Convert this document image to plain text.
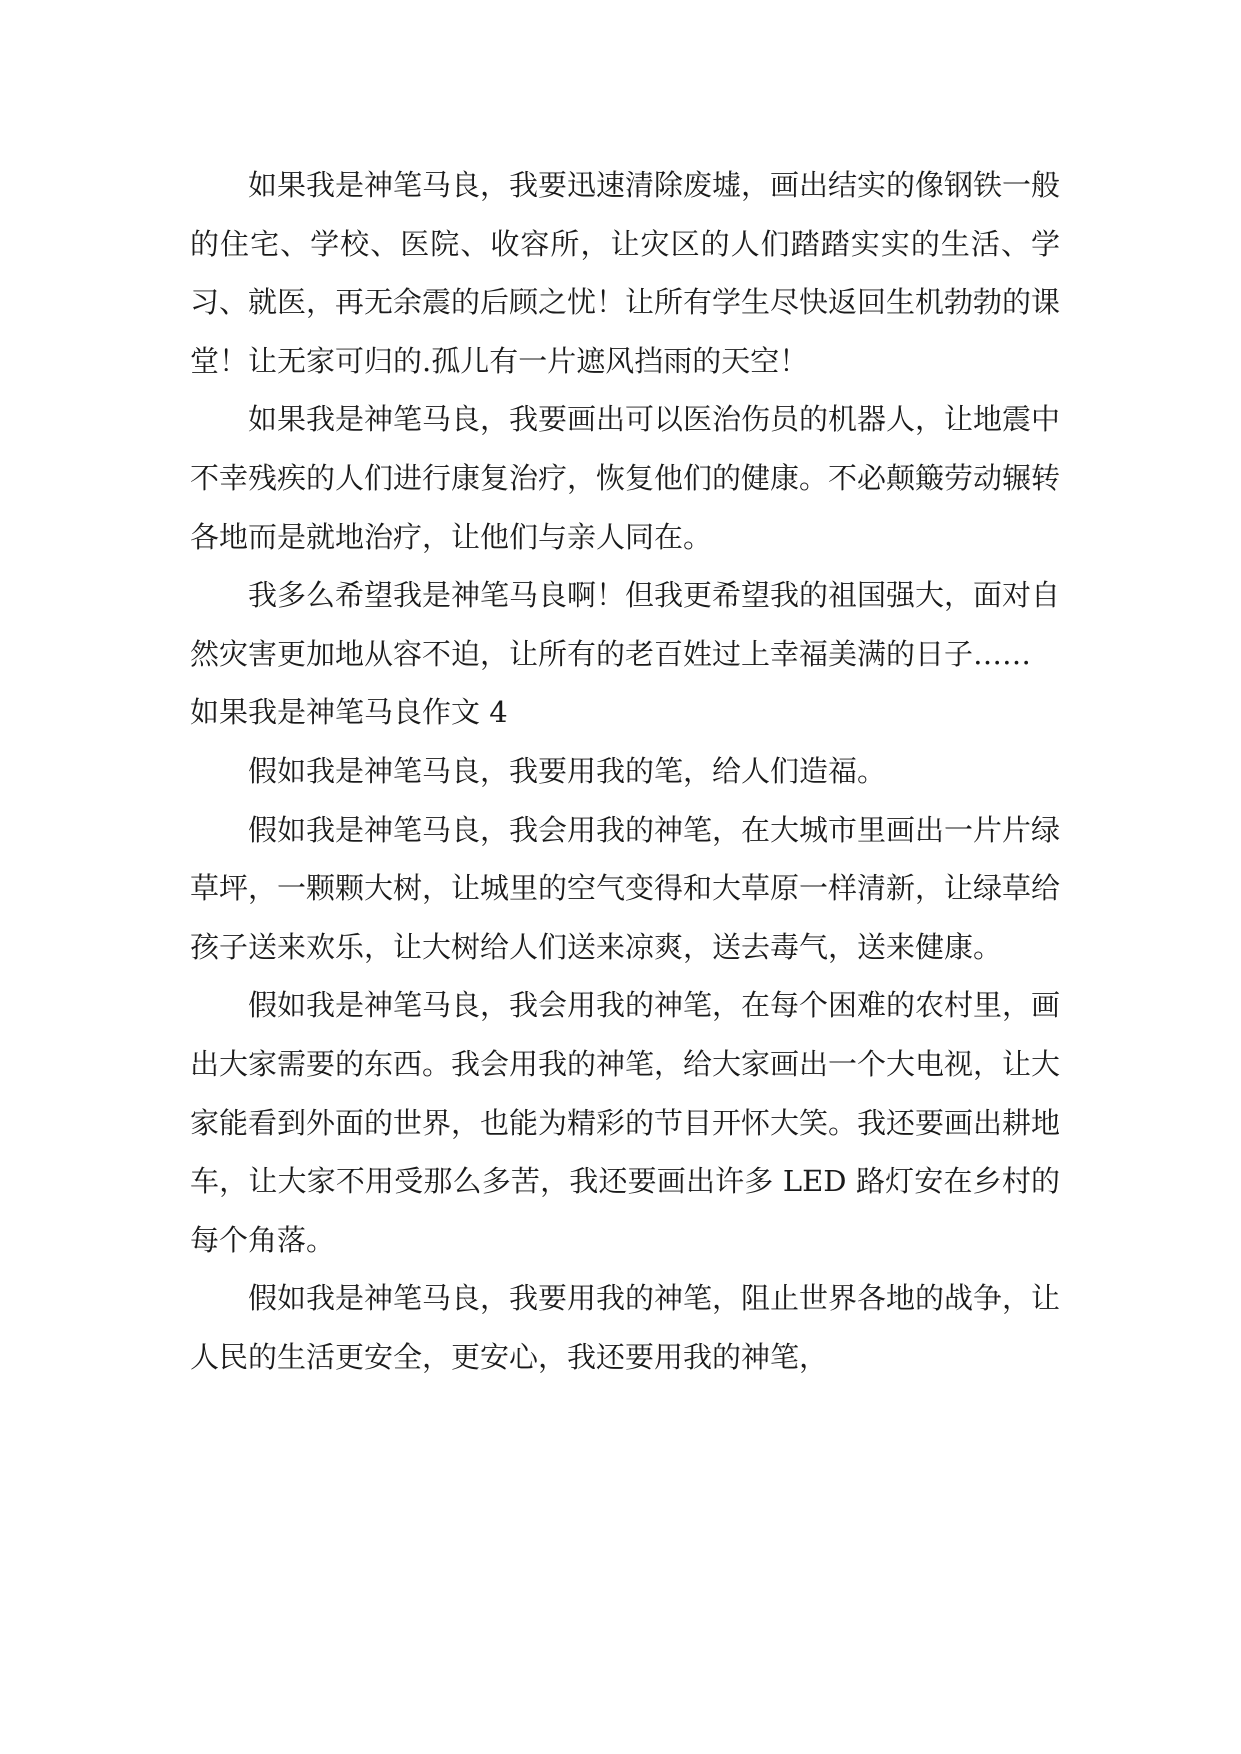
如果我是神笔马良，我要迅速清除废墟，画出结实的像钢铁一般的住宅、学校、医院、收容所，让灾区的人们踏踏实实的生活、学习、就医，再无余震的后顾之忧！让所有学生尽快返回生机勃勃的课堂！让无家可归的.孤儿有一片遮风挡雨的天空！

如果我是神笔马良，我要画出可以医治伤员的机器人，让地震中不幸残疾的人们进行康复治疗，恢复他们的健康。不必颠簸劳动辗转各地而是就地治疗，让他们与亲人同在。

我多么希望我是神笔马良啊！但我更希望我的祖国强大，面对自然灾害更加地从容不迫，让所有的老百姓过上幸福美满的日子……

如果我是神笔马良作文 4

假如我是神笔马良，我要用我的笔，给人们造福。

假如我是神笔马良，我会用我的神笔，在大城市里画出一片片绿草坪，一颗颗大树，让城里的空气变得和大草原一样清新，让绿草给孩子送来欢乐，让大树给人们送来凉爽，送去毒气，送来健康。

假如我是神笔马良，我会用我的神笔，在每个困难的农村里，画出大家需要的东西。我会用我的神笔，给大家画出一个大电视，让大家能看到外面的世界，也能为精彩的节目开怀大笑。我还要画出耕地车，让大家不用受那么多苦，我还要画出许多 LED 路灯安在乡村的每个角落。

假如我是神笔马良，我要用我的神笔，阻止世界各地的战争，让人民的生活更安全，更安心，我还要用我的神笔，
